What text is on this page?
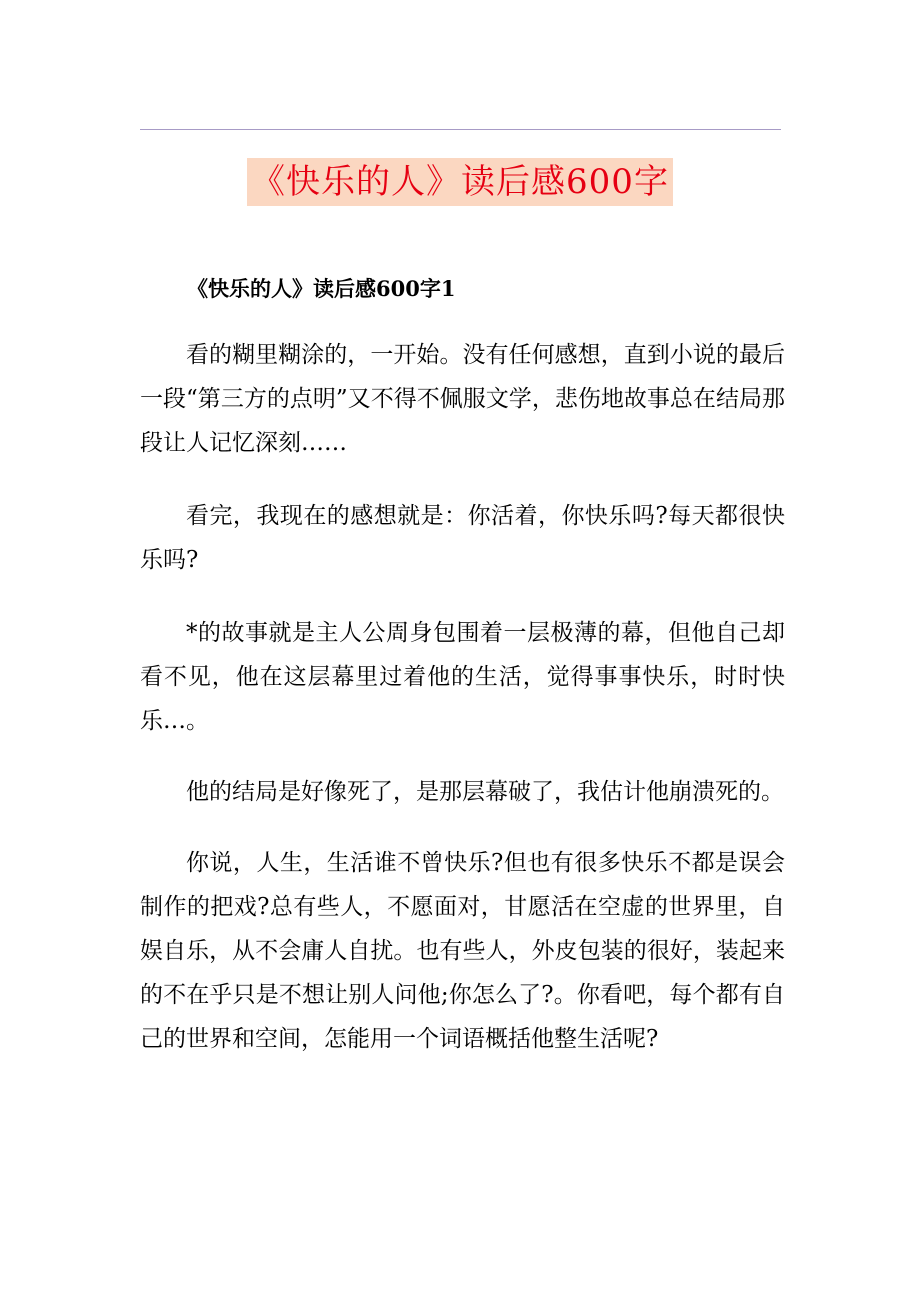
《快乐的人》读后感600字
《快乐的人》读后感600字1

看的糊里糊涂的，一开始。没有任何感想，直到小说的最后一段“第三方的点明”又不得不佩服文学，悲伤地故事总在结局那段让人记忆深刻……

看完，我现在的感想就是：你活着，你快乐吗?每天都很快乐吗?

*的故事就是主人公周身包围着一层极薄的幕，但他自己却看不见，他在这层幕里过着他的生活，觉得事事快乐，时时快乐…。

他的结局是好像死了，是那层幕破了，我估计他崩溃死的。

你说，人生，生活谁不曾快乐?但也有很多快乐不都是误会制作的把戏?总有些人，不愿面对，甘愿活在空虚的世界里，自娱自乐，从不会庸人自扰。也有些人，外皮包装的很好，装起来的不在乎只是不想让别人问他;你怎么了?。你看吧，每个都有自己的世界和空间，怎能用一个词语概括他整生活呢?
